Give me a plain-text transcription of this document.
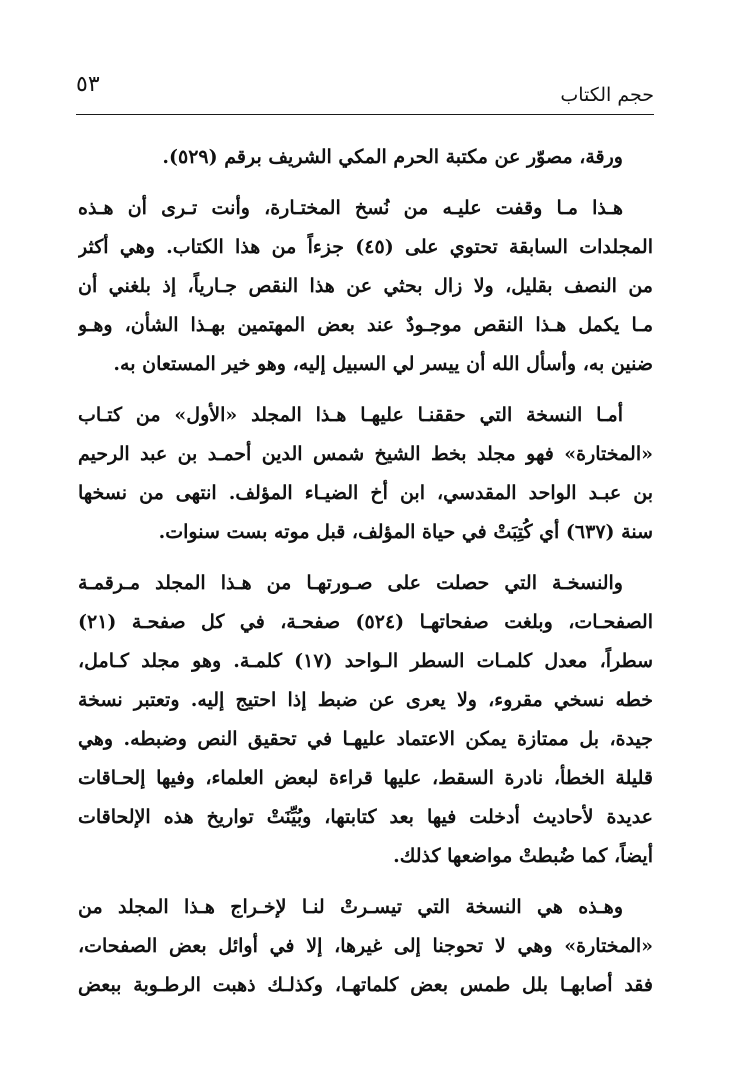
حجم الكتاب
٥٣
ورقة، مصوّر عن مكتبة الحرم المكي الشريف برقم (٥٢٩).
هـذا مـا وقفت عليـه من نُسخ المختـارة، وأنت تـرى أن هـذه
المجلدات السابقة تحتوي على (٤٥) جزءاً من هذا الكتاب. وهي أكثر
من النصف بقليل، ولا زال بحثي عن هذا النقص جـارياً، إذ بلغني أن
مـا يكمل هـذا النقص موجـودٌ عند بعض المهتمين بهـذا الشأن، وهـو
ضنين به، وأسأل الله أن ييسر لي السبيل إليه، وهو خير المستعان به.
أمـا النسخة التي حققنـا عليهـا هـذا المجلد «الأول» من كتـاب
«المختارة» فهو مجلد بخط الشيخ شمس الدين أحمـد بن عبد الرحيم
بن عبـد الواحد المقدسي، ابن أخ الضيـاء المؤلف. انتهى من نسخها
سنة (٦٣٧) أي كُتِبَتْ في حياة المؤلف، قبل موته بست سنوات.
والنسخـة التي حصلت على صـورتهـا من هـذا المجلد مـرقمـة
الصفحـات، وبلغت صفحاتهـا (٥٢٤) صفحـة، في كل صفحـة (٢١)
سطراً، معدل كلمـات السطر الـواحد (١٧) كلمـة. وهو مجلد كـامل،
خطه نسخي مقروء، ولا يعرى عن ضبط إذا احتيج إليه. وتعتبر نسخة
جيدة، بل ممتازة يمكن الاعتماد عليهـا في تحقيق النص وضبطه. وهي
قليلة الخطأ، نادرة السقط، عليها قراءة لبعض العلماء، وفيها إلحـاقات
عديدة لأحاديث أدخلت فيها بعد كتابتها، وبُيِّنَتْ تواريخ هذه الإلحاقات
أيضاً، كما ضُبطتْ مواضعها كذلك.
وهـذه هي النسخة التي تيسـرتْ لنـا لإخـراج هـذا المجلد من
«المختارة» وهي لا تحوجنا إلى غيرها، إلا في أوائل بعض الصفحات،
فقد أصابهـا بلل طمس بعض كلماتهـا، وكذلـك ذهبت الرطـوبة ببعض
